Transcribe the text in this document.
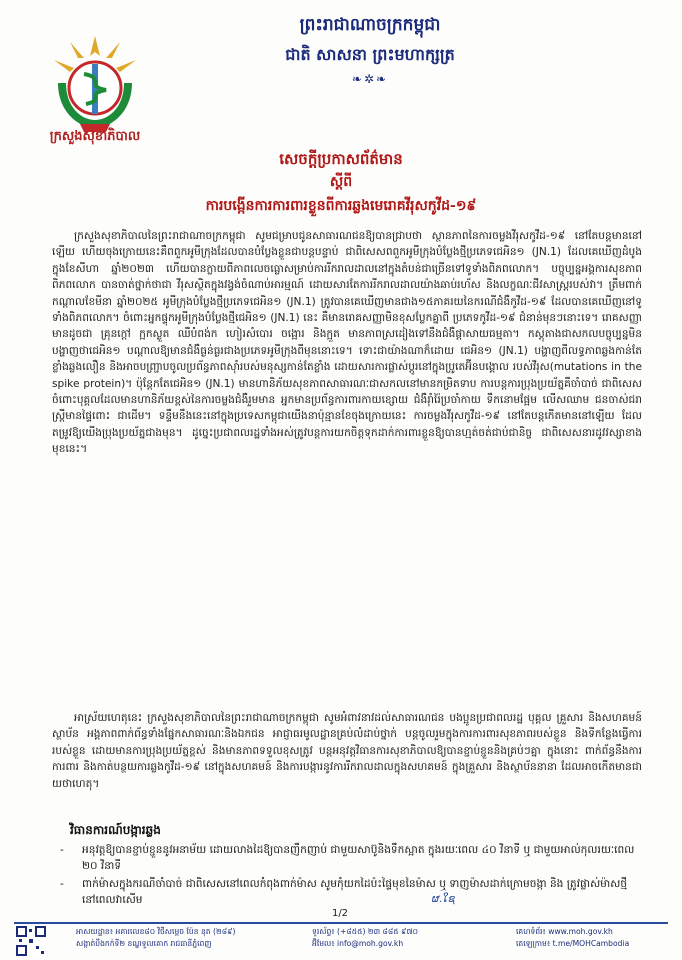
ក្រសួងសុខាភិបាល
ព្រះរាជាណាចក្រកម្ពុជា
ជាតិ សាសនា ព្រះមហាក្សត្រ
❧✲❧
សេចក្តីប្រកាសព័ត៌មាន
ស្តីពី
ការបង្កើនការការពារខ្លួនពីការឆ្លងមេរោគវីរុសកូវីដ-១៩
ក្រសួងសុខាភិបាលនៃព្រះរាជាណាចក្រកម្ពុជា សូមជម្រាបជូនសាធារណជនឱ្យបានជ្រាបថា ស្ថានភាពនៃការចម្លងវីរុសកូវីដ-១៩ នៅតែបន្តមាននៅឡើយ ហើយចុងក្រោយនេះគឺពពួកអូមីក្រុងដែលបានបំប្លែងខ្លួនជាបន្តបន្ទាប់ ជាពិសេសពពួកអូមីក្រុងបំប្លែងថ្មីប្រភេទជេអិន១ (JN.1) ដែលគេឃើញដំបូង ក្នុងខែសីហា ឆ្នាំ២០២៣ ហើយបានក្លាយពីភាពលេចធ្លោសម្រាប់ការរីករាលដាលនៅក្នុងតំបន់ជាច្រើនទៅទូទាំងពិភពលោក។ បច្ចុប្បន្នអង្គការសុខភាពពិភពលោក បានចាត់ថ្នាក់ថាជា វីរុសស្ថិតក្នុងវង្វង់ចំណាប់អារម្មណ៍ ដោយសារតែការរីករាលដាលយ៉ាងឆាប់រហ័ស និងលក្ខណៈជីវសាស្ត្ររបស់វា។ ត្រឹមពាក់កណ្តាលខែមីនា ឆ្នាំ២០២៥ អូមីក្រុងបំប្លែងថ្មីប្រភេទជេអិន១ (JN.1) ត្រូវបានគេឃើញមានជាង១៥ភាគរយនៃករណីជំងឺកូវីដ-១៩ ដែលបានគេឃើញនៅទូទាំងពិភពលោក។ ចំពោះអ្នកផ្ទុកអូមីក្រុងបំប្លែងថ្មីជេអិន១ (JN.1) នេះ គឺមានរោគសញ្ញាមិនខុសប្លែកគ្នាពី ប្រភេទកូវីដ-១៩ ជំនាន់មុនៗនោះទេ។ រោគសញ្ញាមានដូចជា គ្រុនក្តៅ ក្អកស្ងួត ឈឺបំពង់ក ហៀរសំបោរ ចង្អោរ និងក្អួត មានភាពស្រដៀងទៅនឹងជំងឺផ្តាសាយធម្មតា។ កស្តុតាងជាសកលបច្ចុប្បន្នមិនបង្ហាញថាជេអិន១ បណ្តាលឱ្យមានជំងឺធ្ងន់ធ្ងរជាងប្រភេទអូមីក្រុងពីមុននោះទេ។ ទោះជាយ៉ាងណាក៏ដោយ ជេអិន១ (JN.1) បង្ហាញពីលទ្ធភាពឆ្លងកាន់តែខ្លាំងឆ្លងលឿន និងអាចបញ្ជ្រាបចូលប្រព័ន្ធភាពស៊ាំរបស់មនុស្សកាន់តែខ្លាំង ដោយសារការផ្លាស់ប្តូរនៅក្នុងប្រូតេអ៊ីនបង្គោល របស់វីរុស(mutations in the spike protein)។ ប៉ុន្តែកតែជេអិន១ (JN.1) មានហានិភ័យសុខភាពសាធារណៈជាសកលនៅមានកម្រិតទាប ការបន្តការប្រុងប្រយ័ត្នគឺចាំបាច់ ជាពិសេសចំពោះបុគ្គលដែលមានហានិភ័យខ្ពស់នៃការចម្លងជំងឺរួមមាន អ្នកមានប្រព័ន្ធការពារកាយខ្សោយ ជំងឺរ៉ាំរ៉ៃប្រចាំកាយ ទឹកនោមផ្អែម លើសឈាម ជនចាស់ជរា ស្ត្រីមានផ្ទៃពោះ ជាដើម។ ទន្ទឹមនឹងនេះនៅក្នុងប្រទេសកម្ពុជាយើងនាប៉ុន្មានខែចុងក្រោយនេះ ការចម្លងវីរុសកូវីដ-១៩ នៅតែបន្តកើតមាននៅឡើយ ដែលតម្រូវឱ្យយើងប្រុងប្រយ័ត្នជាងមុន។ ដូច្នេះប្រជាពលរដ្ឋទាំងអស់ត្រូវបន្តការយកចិត្តទុកដាក់ការពារខ្លួនឱ្យបានហ្មត់ចត់ជាប់ជានិច្ច ជាពិសេសនារដូវវស្សាខាងមុខនេះ។
អាស្រ័យហេតុនេះ ក្រសួងសុខាភិបាលនៃព្រះរាជាណាចក្រកម្ពុជា សូមអំពាវនាវដល់សាធារណជន បងប្អូនប្រជាពលរដ្ឋ បុគ្គល គ្រួសារ និងសហគមន៍ ស្ថាប័ន អង្គភាពពាក់ព័ន្ធទាំងផ្នែកសាធារណៈនិងឯកជន អាជ្ញាធរមូលដ្ឋានគ្រប់លំដាប់ថ្នាក់ បន្តចូលរួមក្នុងការការពារសុខភាពរបស់ខ្លួន និងទីកន្លែងធ្វើការរបស់ខ្លួន ដោយមានការប្រុងប្រយ័ត្នខ្ពស់ និងមានភាពទទួលខុសត្រូវ បន្តអនុវត្តវិធានការសុខាភិបាលឱ្យបានខ្ជាប់ខ្ជួននិងគ្រប់ៗគ្នា ក្នុងនោះ ពាក់ព័ន្ធនឹងការការពារ និងកាត់បន្ថយការឆ្លងកូវីដ-១៩ នៅក្នុងសហគមន៍ និងការបង្ការនូវការរីករាលដាលក្នុងសហគមន៍ ក្នុងគ្រួសារ និងស្ថាប័ននានា ដែលអាចកើតមានជាយថាហេតុ។
វិធានការណ៍បង្ការឆ្លង
- អនុវត្តឱ្យបានខ្ជាប់ខ្ជួននូវអនាម័យ ដោយលាងដៃឱ្យបានញឹកញាប់ ជាមួយសាប៊ូនិងទឹកស្អាត ក្នុងរយៈពេល ៤០ វិនាទី ឬ ជាមួយអាល់កុលរយៈពេល ២០ វិនាទី
- ពាក់ម៉ាសក្នុងករណីចាំបាច់ ជាពិសេសនៅពេលកំពុងពាក់ម៉ាស សូមកុំយកដៃប៉ះផ្ទៃមុខនៃម៉ាស ឬ ទាញម៉ាសដាក់ក្រោមចង្កា និង ត្រូវផ្លាស់ម៉ាសថ្មី នៅពេលវាសើម	ຜ.ໃຊ
1/2
អាសយដ្ឋាន៖ អគារលេខ៨០ វិថីសម្តេច ប៉ែន នុត (២៨៩)
សង្កាត់បឹងកក់ទី២ ខណ្ឌទួលគោក រាជធានីភ្នំពេញ
ទូរស័ព្ទ៖ (+៨៥៥) ២៣ ៨៨៥ ៩៧០
អ៊ីមែល៖ info@moh.gov.kh
គេហទំព័រ៖ www.moh.gov.kh
តេឡេក្រាម៖ t.me/MOHCambodia
